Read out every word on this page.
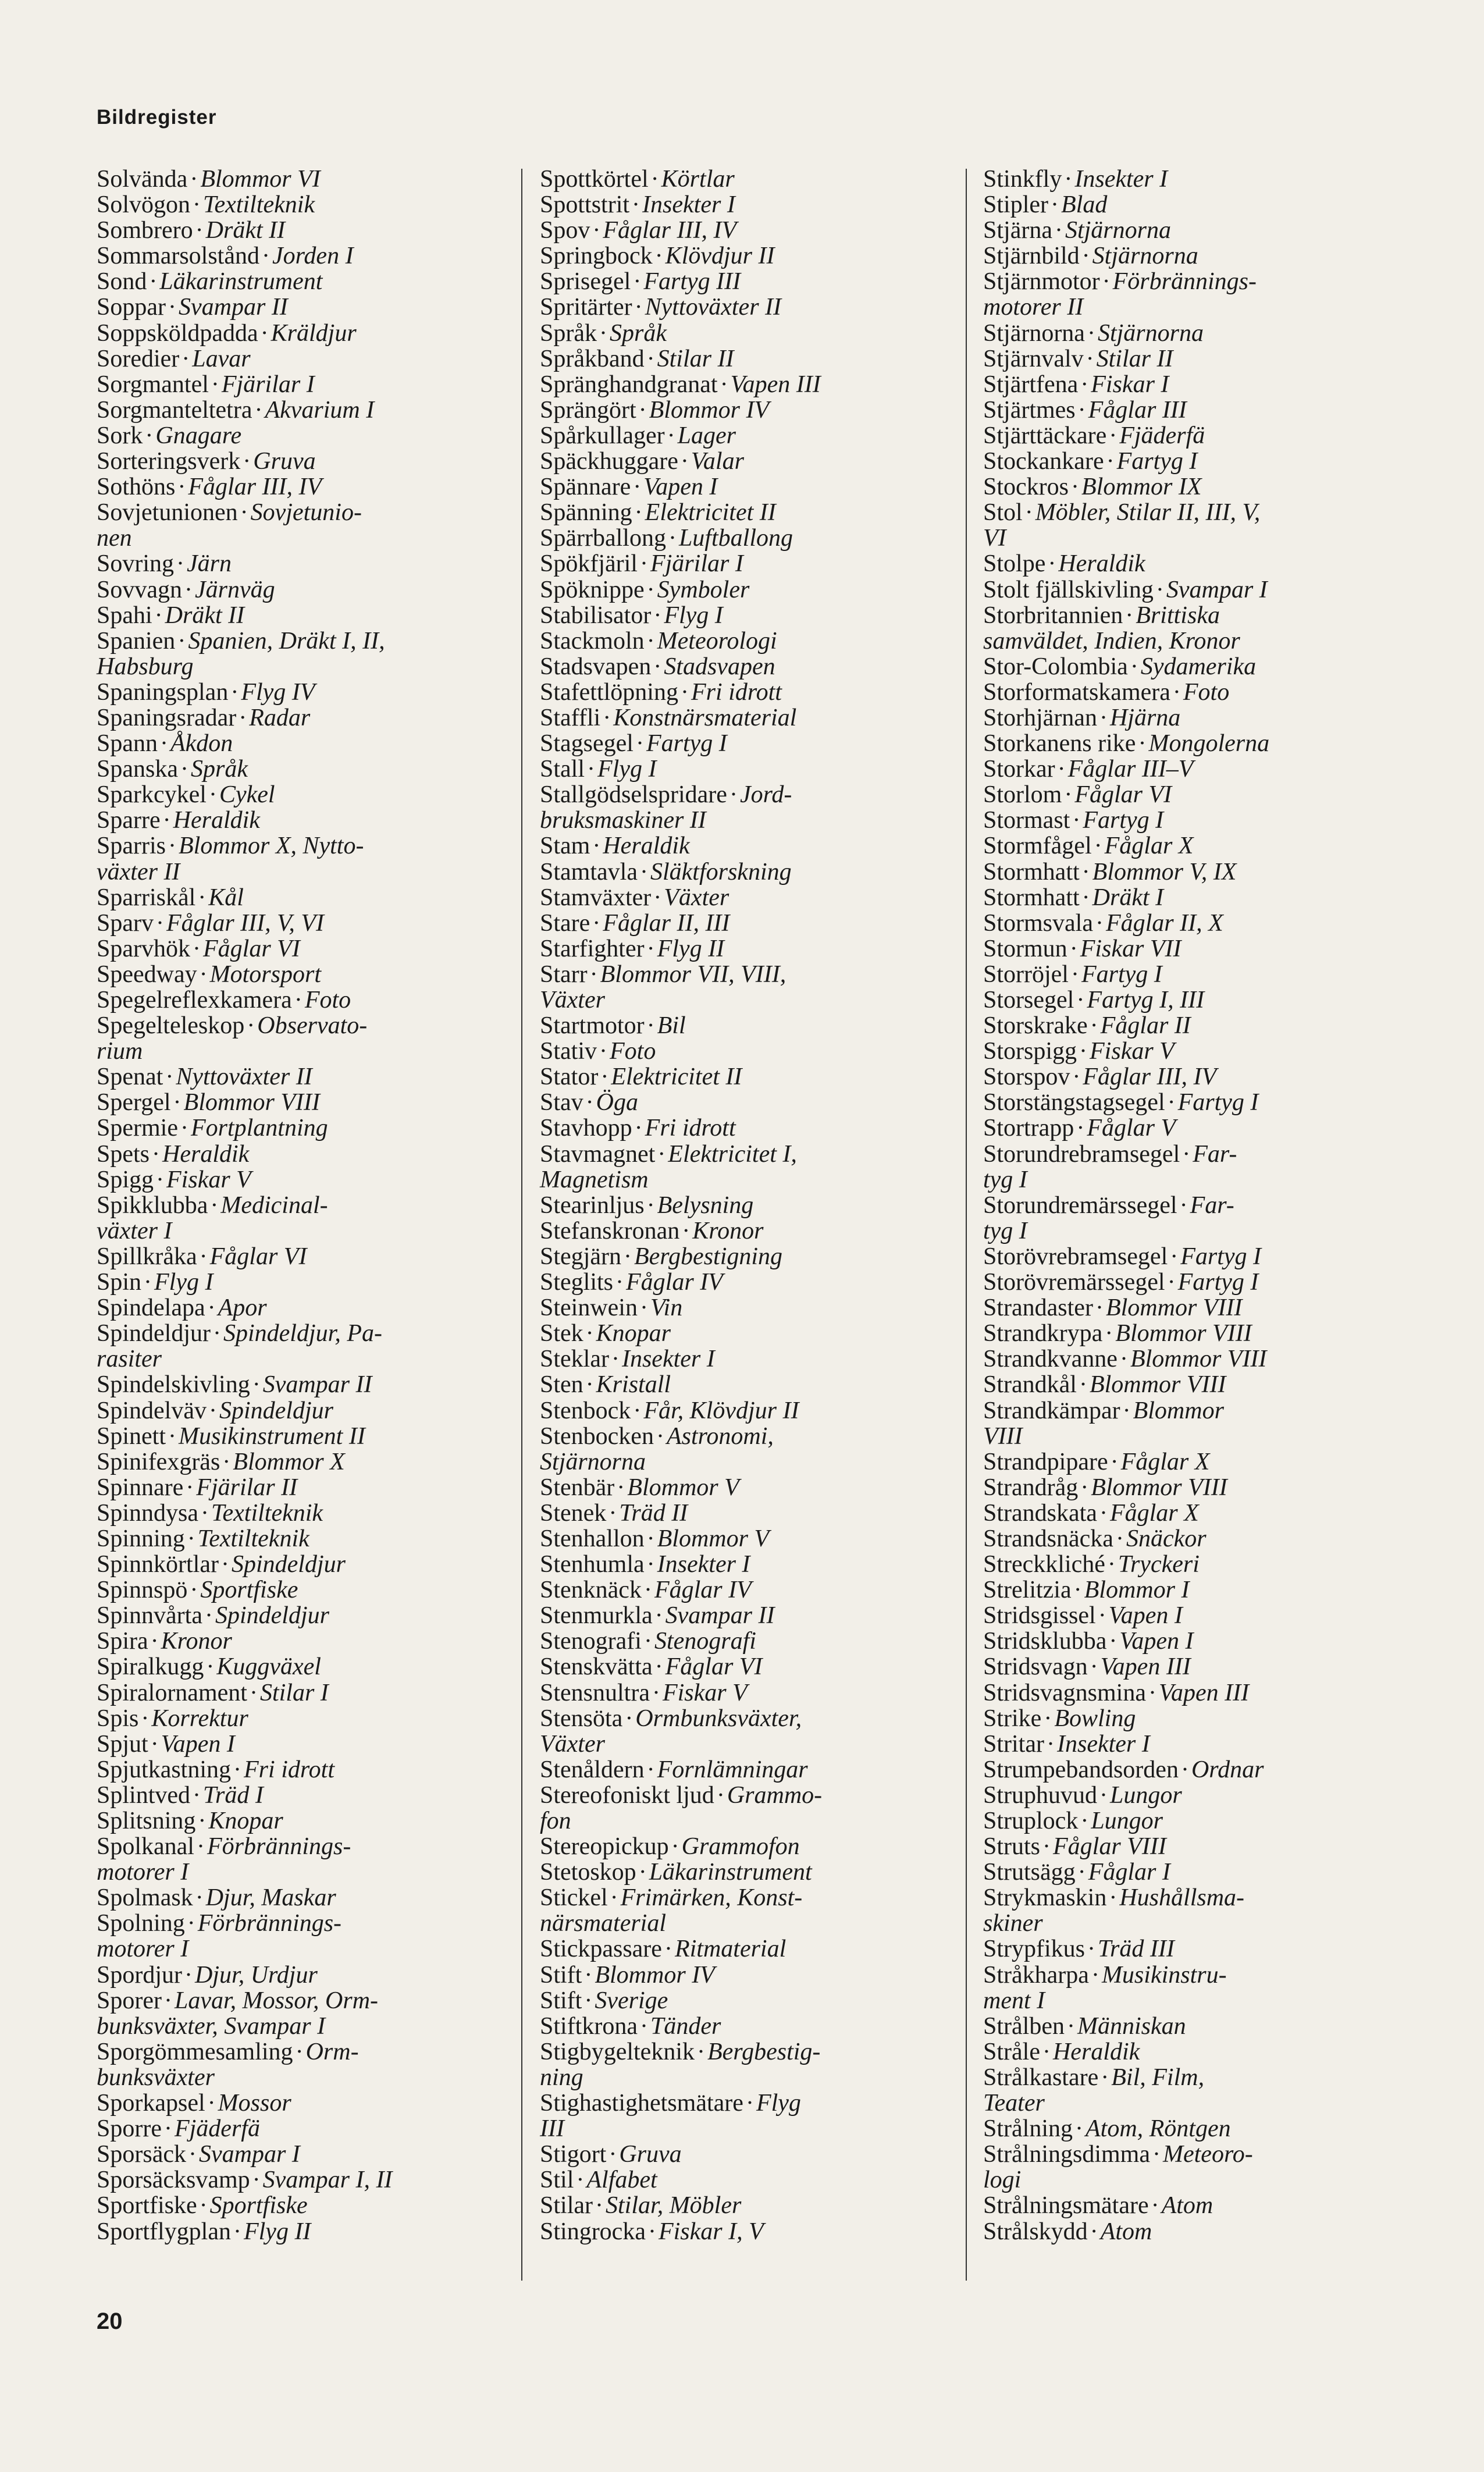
Bildregister
Solvända·Blommor VI
Solvögon·Textilteknik
Sombrero·Dräkt II
Sommarsolstånd·Jorden I
Sond·Läkarinstrument
Soppar·Svampar II
Soppsköldpadda·Kräldjur
Soredier·Lavar
Sorgmantel·Fjärilar I
Sorgmanteltetra·Akvarium I
Sork·Gnagare
Sorteringsverk·Gruva
Sothöns·Fåglar III, IV
Sovjetunionen·Sovjetunio-
nen
Sovring·Järn
Sovvagn·Järnväg
Spahi·Dräkt II
Spanien·Spanien, Dräkt I, II,
Habsburg
Spaningsplan·Flyg IV
Spaningsradar·Radar
Spann·Åkdon
Spanska·Språk
Sparkcykel·Cykel
Sparre·Heraldik
Sparris·Blommor X, Nytto-
växter II
Sparriskål·Kål
Sparv·Fåglar III, V, VI
Sparvhök·Fåglar VI
Speedway·Motorsport
Spegelreflexkamera·Foto
Spegelteleskop·Observato-
rium
Spenat·Nyttoväxter II
Spergel·Blommor VIII
Spermie·Fortplantning
Spets·Heraldik
Spigg·Fiskar V
Spikklubba·Medicinal-
växter I
Spillkråka·Fåglar VI
Spin·Flyg I
Spindelapa·Apor
Spindeldjur·Spindeldjur, Pa-
rasiter
Spindelskivling·Svampar II
Spindelväv·Spindeldjur
Spinett·Musikinstrument II
Spinifexgräs·Blommor X
Spinnare·Fjärilar II
Spinndysa·Textilteknik
Spinning·Textilteknik
Spinnkörtlar·Spindeldjur
Spinnspö·Sportfiske
Spinnvårta·Spindeldjur
Spira·Kronor
Spiralkugg·Kuggväxel
Spiralornament·Stilar I
Spis·Korrektur
Spjut·Vapen I
Spjutkastning·Fri idrott
Splintved·Träd I
Splitsning·Knopar
Spolkanal·Förbrännings-
motorer I
Spolmask·Djur, Maskar
Spolning·Förbrännings-
motorer I
Spordjur·Djur, Urdjur
Sporer·Lavar, Mossor, Orm-
bunksväxter, Svampar I
Sporgömmesamling·Orm-
bunksväxter
Sporkapsel·Mossor
Sporre·Fjäderfä
Sporsäck·Svampar I
Sporsäcksvamp·Svampar I, II
Sportfiske·Sportfiske
Sportflygplan·Flyg II
Spottkörtel·Körtlar
Spottstrit·Insekter I
Spov·Fåglar III, IV
Springbock·Klövdjur II
Sprisegel·Fartyg III
Spritärter·Nyttoväxter II
Språk·Språk
Språkband·Stilar II
Spränghandgranat·Vapen III
Sprängört·Blommor IV
Spårkullager·Lager
Späckhuggare·Valar
Spännare·Vapen I
Spänning·Elektricitet II
Spärrballong·Luftballong
Spökfjäril·Fjärilar I
Spöknippe·Symboler
Stabilisator·Flyg I
Stackmoln·Meteorologi
Stadsvapen·Stadsvapen
Stafettlöpning·Fri idrott
Staffli·Konstnärsmaterial
Stagsegel·Fartyg I
Stall·Flyg I
Stallgödselspridare·Jord-
bruksmaskiner II
Stam·Heraldik
Stamtavla·Släktforskning
Stamväxter·Växter
Stare·Fåglar II, III
Starfighter·Flyg II
Starr·Blommor VII, VIII,
Växter
Startmotor·Bil
Stativ·Foto
Stator·Elektricitet II
Stav·Öga
Stavhopp·Fri idrott
Stavmagnet·Elektricitet I,
Magnetism
Stearinljus·Belysning
Stefanskronan·Kronor
Stegjärn·Bergbestigning
Steglits·Fåglar IV
Steinwein·Vin
Stek·Knopar
Steklar·Insekter I
Sten·Kristall
Stenbock·Får, Klövdjur II
Stenbocken·Astronomi,
Stjärnorna
Stenbär·Blommor V
Stenek·Träd II
Stenhallon·Blommor V
Stenhumla·Insekter I
Stenknäck·Fåglar IV
Stenmurkla·Svampar II
Stenografi·Stenografi
Stenskvätta·Fåglar VI
Stensnultra·Fiskar V
Stensöta·Ormbunksväxter,
Växter
Stenåldern·Fornlämningar
Stereofoniskt ljud·Grammo-
fon
Stereopickup·Grammofon
Stetoskop·Läkarinstrument
Stickel·Frimärken, Konst-
närsmaterial
Stickpassare·Ritmaterial
Stift·Blommor IV
Stift·Sverige
Stiftkrona·Tänder
Stigbygelteknik·Bergbestig-
ning
Stighastighetsmätare·Flyg
III
Stigort·Gruva
Stil·Alfabet
Stilar·Stilar, Möbler
Stingrocka·Fiskar I, V
Stinkfly·Insekter I
Stipler·Blad
Stjärna·Stjärnorna
Stjärnbild·Stjärnorna
Stjärnmotor·Förbrännings-
motorer II
Stjärnorna·Stjärnorna
Stjärnvalv·Stilar II
Stjärtfena·Fiskar I
Stjärtmes·Fåglar III
Stjärttäckare·Fjäderfä
Stockankare·Fartyg I
Stockros·Blommor IX
Stol·Möbler, Stilar II, III, V,
VI
Stolpe·Heraldik
Stolt fjällskivling·Svampar I
Storbritannien·Brittiska
samväldet, Indien, Kronor
Stor-Colombia·Sydamerika
Storformatskamera·Foto
Storhjärnan·Hjärna
Storkanens rike·Mongolerna
Storkar·Fåglar III–V
Storlom·Fåglar VI
Stormast·Fartyg I
Stormfågel·Fåglar X
Stormhatt·Blommor V, IX
Stormhatt·Dräkt I
Stormsvala·Fåglar II, X
Stormun·Fiskar VII
Storröjel·Fartyg I
Storsegel·Fartyg I, III
Storskrake·Fåglar II
Storspigg·Fiskar V
Storspov·Fåglar III, IV
Storstängstagsegel·Fartyg I
Stortrapp·Fåglar V
Storundrebramsegel·Far-
tyg I
Storundremärssegel·Far-
tyg I
Storövrebramsegel·Fartyg I
Storövremärssegel·Fartyg I
Strandaster·Blommor VIII
Strandkrypa·Blommor VIII
Strandkvanne·Blommor VIII
Strandkål·Blommor VIII
Strandkämpar·Blommor
VIII
Strandpipare·Fåglar X
Strandråg·Blommor VIII
Strandskata·Fåglar X
Strandsnäcka·Snäckor
Streckkliché·Tryckeri
Strelitzia·Blommor I
Stridsgissel·Vapen I
Stridsklubba·Vapen I
Stridsvagn·Vapen III
Stridsvagnsmina·Vapen III
Strike·Bowling
Stritar·Insekter I
Strumpebandsorden·Ordnar
Struphuvud·Lungor
Struplock·Lungor
Struts·Fåglar VIII
Strutsägg·Fåglar I
Strykmaskin·Hushållsma-
skiner
Strypfikus·Träd III
Stråkharpa·Musikinstru-
ment I
Strålben·Människan
Stråle·Heraldik
Strålkastare·Bil, Film,
Teater
Strålning·Atom, Röntgen
Strålningsdimma·Meteoro-
logi
Strålningsmätare·Atom
Strålskydd·Atom
20
